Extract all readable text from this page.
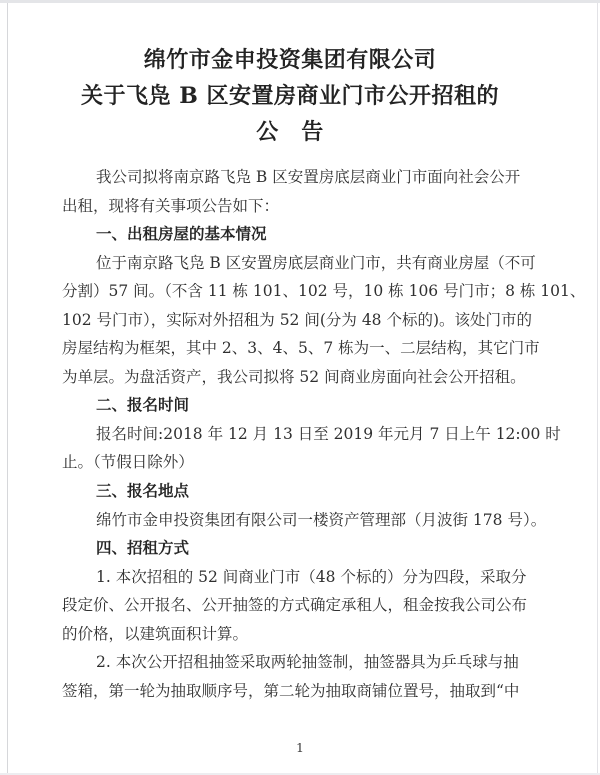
绵竹市金申投资集团有限公司
关于飞凫 B 区安置房商业门市公开招租的
公　告
我公司拟将南京路飞凫 B 区安置房底层商业门市面向社会公开
出租，现将有关事项公告如下：
一、出租房屋的基本情况
位于南京路飞凫 B 区安置房底层商业门市，共有商业房屋（不可
分割）57 间。（不含 11 栋 101、102 号，10 栋 106 号门市；8 栋 101、
102 号门市），实际对外招租为 52 间(分为 48 个标的)。该处门市的
房屋结构为框架，其中 2、3、4、5、7 栋为一、二层结构，其它门市
为单层。为盘活资产，我公司拟将 52 间商业房面向社会公开招租。
二、报名时间
报名时间:2018 年 12 月 13 日至 2019 年元月 7 日上午 12:00 时
止。（节假日除外）
三、报名地点
绵竹市金申投资集团有限公司一楼资产管理部（月波街 178 号）。
四、招租方式
1. 本次招租的 52 间商业门市（48 个标的）分为四段，采取分
段定价、公开报名、公开抽签的方式确定承租人，租金按我公司公布
的价格，以建筑面积计算。
2. 本次公开招租抽签采取两轮抽签制，抽签器具为乒乓球与抽
签箱，第一轮为抽取顺序号，第二轮为抽取商铺位置号，抽取到“中
1
